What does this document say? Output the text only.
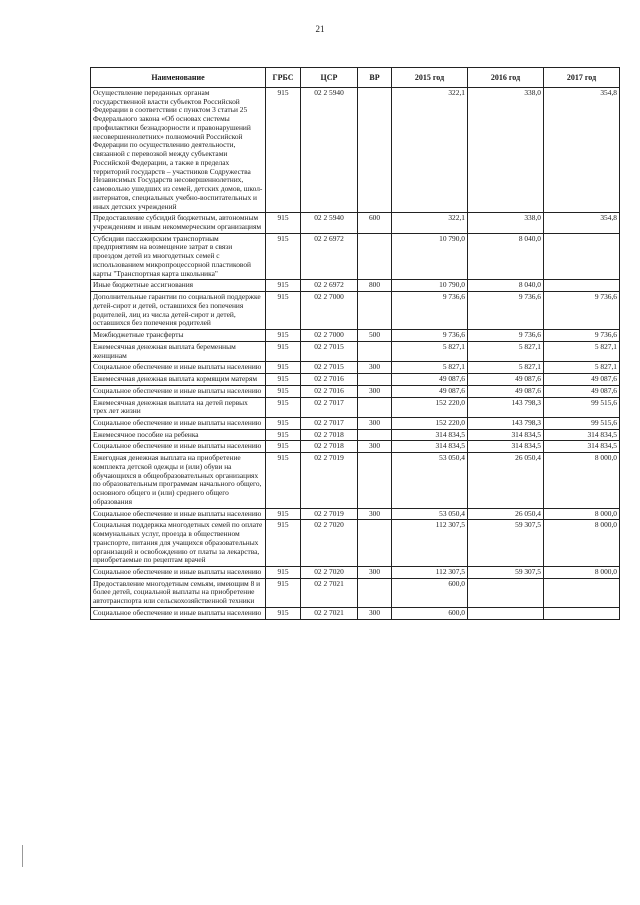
21
Наименование	ГРБС	ЦСР	ВР	2015 год	2016 год	2017 год
Осуществление переданных органам государственной власти субъектов Российской Федерации в соответствии с пунктом 3 статьи 25 Федерального закона «Об основах системы профилактики безнадзорности и правонарушений несовершеннолетних» полномочий Российской Федерации по осуществлению деятельности, связанной с перевозкой между субъектами Российской Федерации, а также в пределах территорий государств – участников Содружества Независимых Государств несовершеннолетних, самовольно ушедших из семей, детских домов, школ-интернатов, специальных учебно-воспитательных и иных детских учреждений	915	02 2 5940		322,1	338,0	354,8
Предоставление субсидий бюджетным, автономным учреждениям и иным некоммерческим организациям	915	02 2 5940	600	322,1	338,0	354,8
Субсидии пассажирским транспортным предприятиям на возмещение затрат в связи проездом детей из многодетных семей с использованием микропроцессорной пластиковой карты "Транспортная карта школьника"	915	02 2 6972		10 790,0	8 040,0	
Иные бюджетные ассигнования	915	02 2 6972	800	10 790,0	8 040,0	
Дополнительные гарантии по социальной поддержке детей-сирот и детей, оставшихся без попечения родителей, лиц из числа детей-сирот и детей, оставшихся без попечения родителей	915	02 2 7000		9 736,6	9 736,6	9 736,6
Межбюджетные трансферты	915	02 2 7000	500	9 736,6	9 736,6	9 736,6
Ежемесячная денежная выплата беременным женщинам	915	02 2 7015		5 827,1	5 827,1	5 827,1
Социальное обеспечение и иные выплаты населению	915	02 2 7015	300	5 827,1	5 827,1	5 827,1
Ежемесячная денежная выплата кормящим матерям	915	02 2 7016		49 087,6	49 087,6	49 087,6
Социальное обеспечение и иные выплаты населению	915	02 2 7016	300	49 087,6	49 087,6	49 087,6
Ежемесячная денежная выплата на детей первых трех лет жизни	915	02 2 7017		152 220,0	143 798,3	99 515,6
Социальное обеспечение и иные выплаты населению	915	02 2 7017	300	152 220,0	143 798,3	99 515,6
Ежемесячное пособие на ребенка	915	02 2 7018		314 834,5	314 834,5	314 834,5
Социальное обеспечение и иные выплаты населению	915	02 2 7018	300	314 834,5	314 834,5	314 834,5
Ежегодная денежная выплата на приобретение комплекта детской одежды и (или) обуви на обучающихся в общеобразовательных организациях по образовательным программам начального общего, основного общего и (или) среднего общего образования	915	02 2 7019		53 050,4	26 050,4	8 000,0
Социальное обеспечение и иные выплаты населению	915	02 2 7019	300	53 050,4	26 050,4	8 000,0
Социальная поддержка многодетных семей по оплате коммунальных услуг, проезда в общественном транспорте, питания для учащихся образовательных организаций и освобождению от платы за лекарства, приобретаемые по рецептам врачей	915	02 2 7020		112 307,5	59 307,5	8 000,0
Социальное обеспечение и иные выплаты населению	915	02 2 7020	300	112 307,5	59 307,5	8 000,0
Предоставление многодетным семьям, имеющим 8 и более детей, социальной выплаты на приобретение автотранспорта или сельскохозяйственной техники	915	02 2 7021		600,0		
Социальное обеспечение и иные выплаты населению	915	02 2 7021	300	600,0		
